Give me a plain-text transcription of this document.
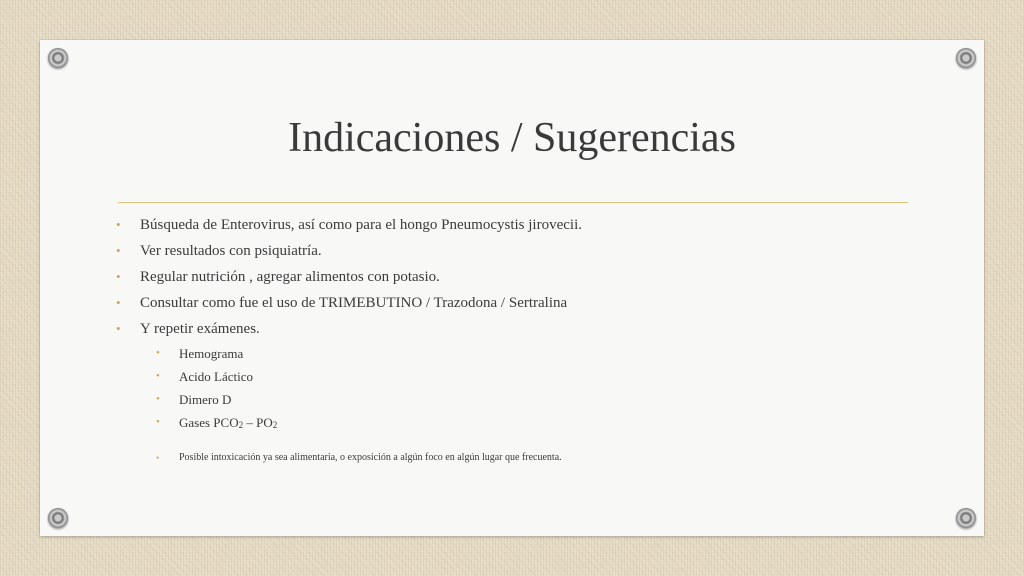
Indicaciones / Sugerencias
• Búsqueda de Enterovirus, así como para el hongo Pneumocystis jirovecii.
• Ver resultados con psiquiatría.
• Regular nutrición , agregar alimentos con potasio.
• Consultar como fue el uso de TRIMEBUTINO / Trazodona / Sertralina
• Y repetir exámenes.
• Hemograma
• Acido Láctico
• Dimero D
• Gases $PCO_2 - PO_2$
• Posible intoxicación ya sea alimentaria, o exposición a algún foco en algún lugar que frecuenta.
